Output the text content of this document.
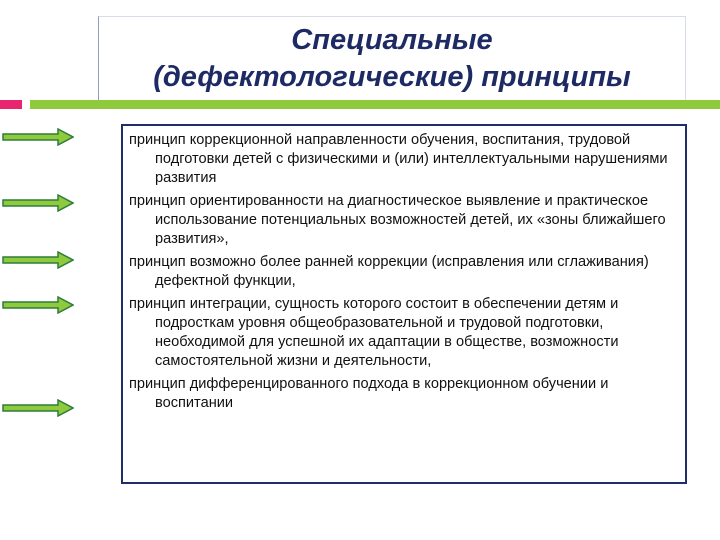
Специальные
(дефектологические) принципы
принцип коррекционной направленности обучения, воспитания, трудовой подготовки детей с физическими и (или) интеллектуальными нарушениями развития
принцип ориентированности на диагностическое выявление и практическое использование потенциальных возможностей детей, их «зоны ближайшего развития»,
принцип возможно более ранней коррекции (исправления или сглаживания) дефектной функции,
принцип интеграции, сущность которого состоит в обеспечении детям и подросткам уровня общеобразовательной и трудовой подготовки, необходимой для успешной их адаптации в обществе, возможности самостоятельной жизни и деятельности,
принцип дифференцированного подхода в коррекционном обучении и воспитании
